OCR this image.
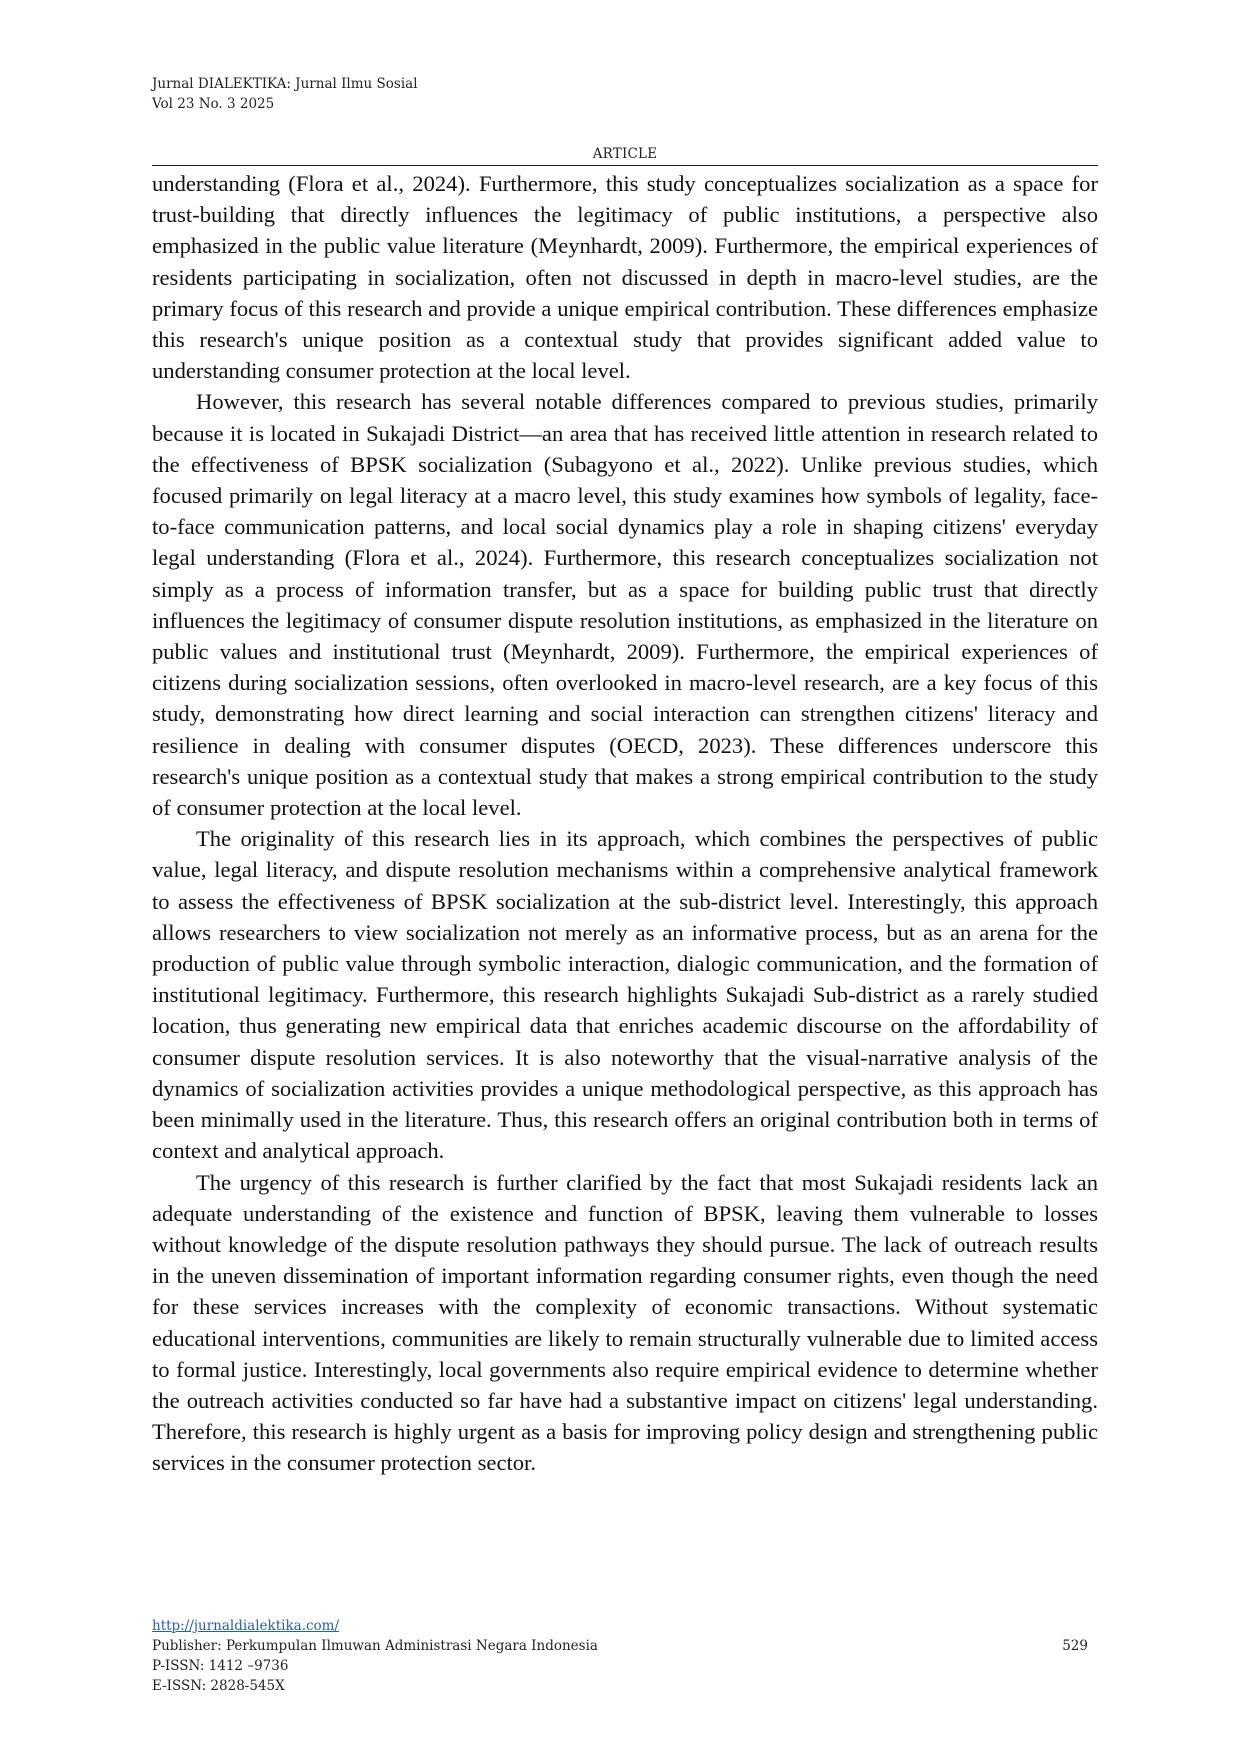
Jurnal DIALEKTIKA: Jurnal Ilmu Sosial
Vol 23 No. 3 2025
ARTICLE

understanding (Flora et al., 2024). Furthermore, this study conceptualizes socialization as a space for trust-building that directly influences the legitimacy of public institutions, a perspective also emphasized in the public value literature (Meynhardt, 2009). Furthermore, the empirical experiences of residents participating in socialization, often not discussed in depth in macro-level studies, are the primary focus of this research and provide a unique empirical contribution. These differences emphasize this research's unique position as a contextual study that provides significant added value to understanding consumer protection at the local level.

However, this research has several notable differences compared to previous studies, primarily because it is located in Sukajadi District—an area that has received little attention in research related to the effectiveness of BPSK socialization (Subagyono et al., 2022). Unlike previous studies, which focused primarily on legal literacy at a macro level, this study examines how symbols of legality, face-to-face communication patterns, and local social dynamics play a role in shaping citizens' everyday legal understanding (Flora et al., 2024). Furthermore, this research conceptualizes socialization not simply as a process of information transfer, but as a space for building public trust that directly influences the legitimacy of consumer dispute resolution institutions, as emphasized in the literature on public values and institutional trust (Meynhardt, 2009). Furthermore, the empirical experiences of citizens during socialization sessions, often overlooked in macro-level research, are a key focus of this study, demonstrating how direct learning and social interaction can strengthen citizens' literacy and resilience in dealing with consumer disputes (OECD, 2023). These differences underscore this research's unique position as a contextual study that makes a strong empirical contribution to the study of consumer protection at the local level.

The originality of this research lies in its approach, which combines the perspectives of public value, legal literacy, and dispute resolution mechanisms within a comprehensive analytical framework to assess the effectiveness of BPSK socialization at the sub-district level. Interestingly, this approach allows researchers to view socialization not merely as an informative process, but as an arena for the production of public value through symbolic interaction, dialogic communication, and the formation of institutional legitimacy. Furthermore, this research highlights Sukajadi Sub-district as a rarely studied location, thus generating new empirical data that enriches academic discourse on the affordability of consumer dispute resolution services. It is also noteworthy that the visual-narrative analysis of the dynamics of socialization activities provides a unique methodological perspective, as this approach has been minimally used in the literature. Thus, this research offers an original contribution both in terms of context and analytical approach.

The urgency of this research is further clarified by the fact that most Sukajadi residents lack an adequate understanding of the existence and function of BPSK, leaving them vulnerable to losses without knowledge of the dispute resolution pathways they should pursue. The lack of outreach results in the uneven dissemination of important information regarding consumer rights, even though the need for these services increases with the complexity of economic transactions. Without systematic educational interventions, communities are likely to remain structurally vulnerable due to limited access to formal justice. Interestingly, local governments also require empirical evidence to determine whether the outreach activities conducted so far have had a substantive impact on citizens' legal understanding. Therefore, this research is highly urgent as a basis for improving policy design and strengthening public services in the consumer protection sector.

http://jurnaldialektika.com/
Publisher: Perkumpulan Ilmuwan Administrasi Negara Indonesia
P-ISSN: 1412 –9736
E-ISSN: 2828-545X
529
